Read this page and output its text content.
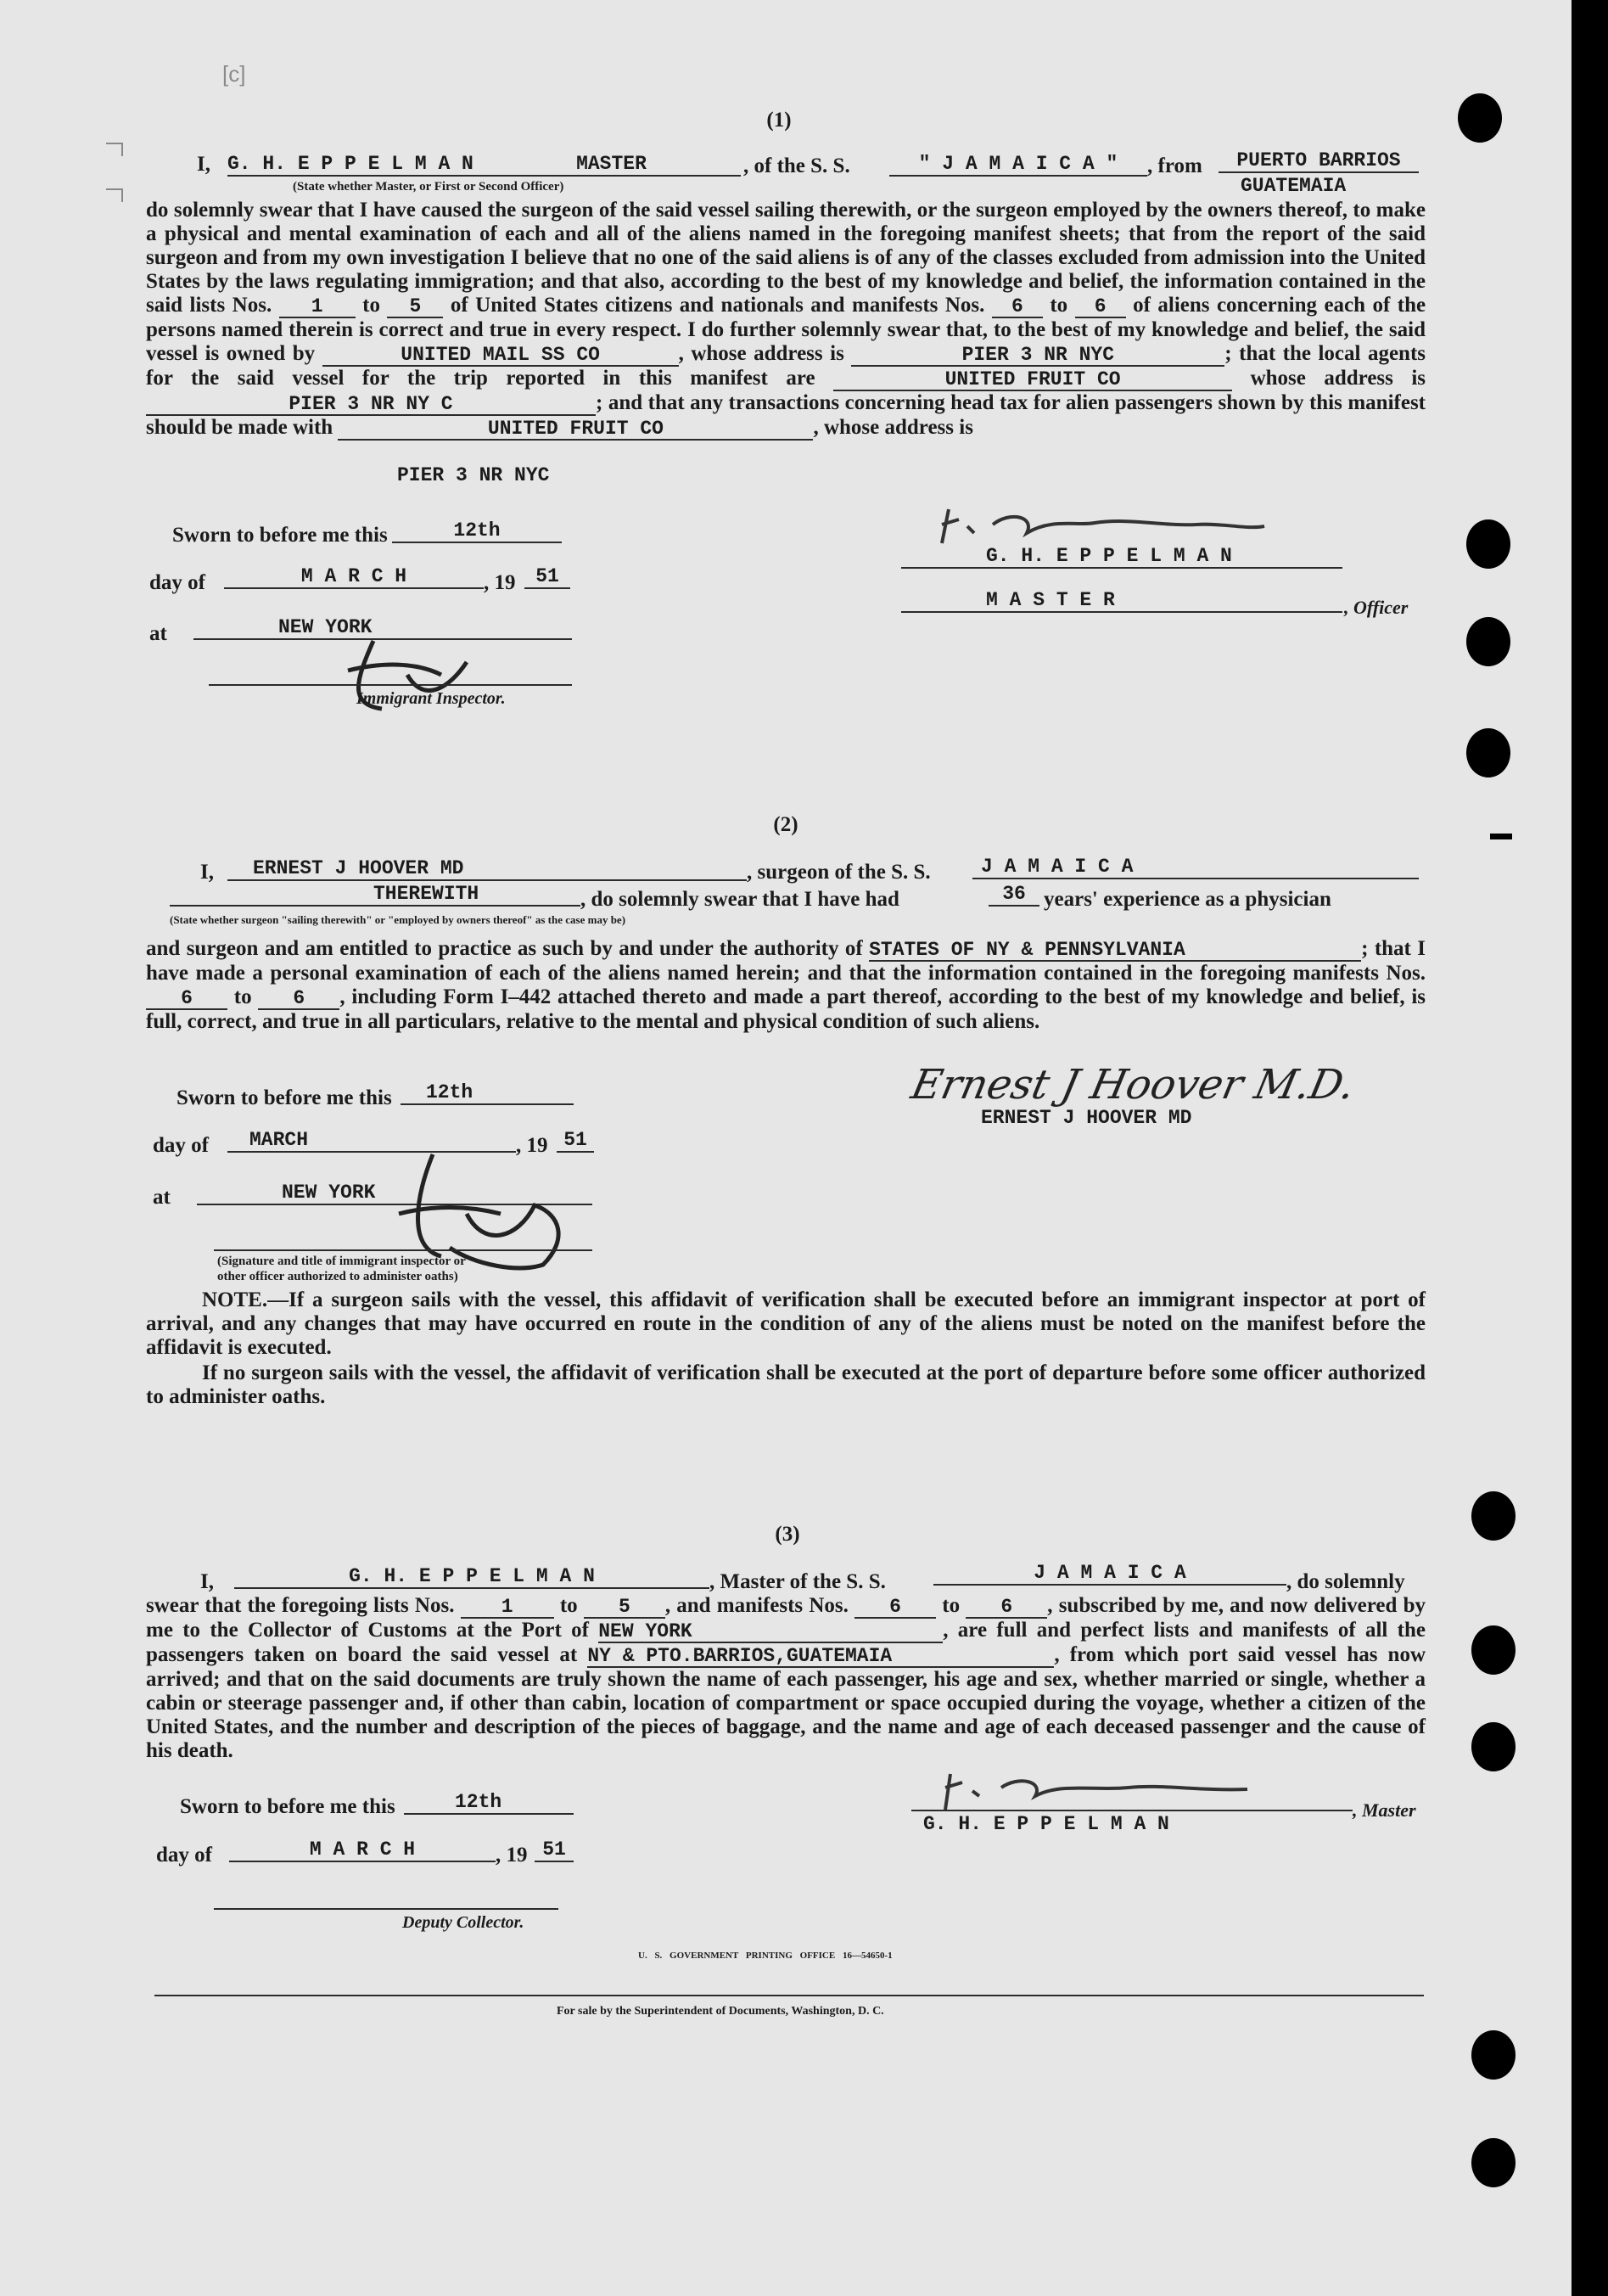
[c]
(1)
I, G. H. E P P E L M A N	MASTER	, of the S. S.	" J A M A I C A "	, from	PUERTO BARRIOS
(State whether Master, or First or Second Officer)	GUATEMAIA

do solemnly swear that I have caused the surgeon of the said vessel sailing therewith, or the surgeon employed by the owners thereof, to make a physical and mental examination of each and all of the aliens named in the foregoing manifest sheets; that from the report of the said surgeon and from my own investigation I believe that no one of the said aliens is of any of the classes excluded from admission into the United States by the laws regulating immigration; and that also, according to the best of my knowledge and belief, the information contained in the said lists Nos. 1 to 5 of United States citizens and nationals and manifests Nos. 6 to 6 of aliens concerning each of the persons named therein is correct and true in every respect. I do further solemnly swear that, to the best of my knowledge and belief, the said vessel is owned by	UNITED MAIL SS CO	, whose address is	PIER 3 NR NYC	; that the local agents for the said vessel for the trip reported in this manifest are	UNITED FRUIT CO	whose address is PIER 3 NR NY C	; and that any transactions concerning head tax for alien passengers shown by this manifest should be made with	UNITED FRUIT CO	, whose address is

PIER 3 NR NYC
Sworn to before me this	12th
day of	M A R C H	, 19	51
at	NEW YORK
Immigrant Inspector.
G. H. E P P E L M A N
M A S T E R	, Officer
(2)
I,	ERNEST J HOOVER MD	, surgeon of the S. S.	J A M A I C A
THEREWITH	, do solemnly swear that I have had	36 years' experience as a physician
(State whether surgeon "sailing therewith" or "employed by owners thereof" as the case may be)

and surgeon and am entitled to practice as such by and under the authority of STATES OF NY & PENNSYLVANIA	; that I have made a personal examination of each of the aliens named herein; and that the information contained in the foregoing manifests Nos. 6 to 6 , including Form I–442 attached thereto and made a part thereof, according to the best of my knowledge and belief, is full, correct, and true in all particulars, relative to the mental and physical condition of such aliens.

Sworn to before me this	12th
day of	MARCH	, 19 51
at	NEW YORK
(Signature and title of immigrant inspector or
other officer authorized to administer oaths)
Ernest J Hoover M.D.
ERNEST J HOOVER MD

NOTE.—If a surgeon sails with the vessel, this affidavit of verification shall be executed before an immigrant inspector at port of arrival, and any changes that may have occurred en route in the condition of any of the aliens must be noted on the manifest before the affidavit is executed.

If no surgeon sails with the vessel, the affidavit of verification shall be executed at the port of departure before some officer authorized to administer oaths.

(3)
I,	G. H. E P P E L M A N	, Master of the S. S.	J A M A I C A	, do solemnly

swear that the foregoing lists Nos. 1 to 5 , and manifests Nos. 6 to 6 , subscribed by me, and now delivered by me to the Collector of Customs at the Port of NEW YORK	, are full and perfect lists and manifests of all the passengers taken on board the said vessel at NY & PTO.BARRIOS,GUATEMAIA	, from which port said vessel has now arrived; and that on the said documents are truly shown the name of each passenger, his age and sex, whether married or single, whether a cabin or steerage passenger and, if other than cabin, location of compartment or space occupied during the voyage, whether a citizen of the United States, and the number and description of the pieces of baggage, and the name and age of each deceased passenger and the cause of his death.

Sworn to before me this	12th
day of	M A R C H	, 19 51
Deputy Collector.
G. H. E P P E L M A N
, Master
U. S. GOVERNMENT PRINTING OFFICE 16—54650-1
For sale by the Superintendent of Documents, Washington, D. C.
